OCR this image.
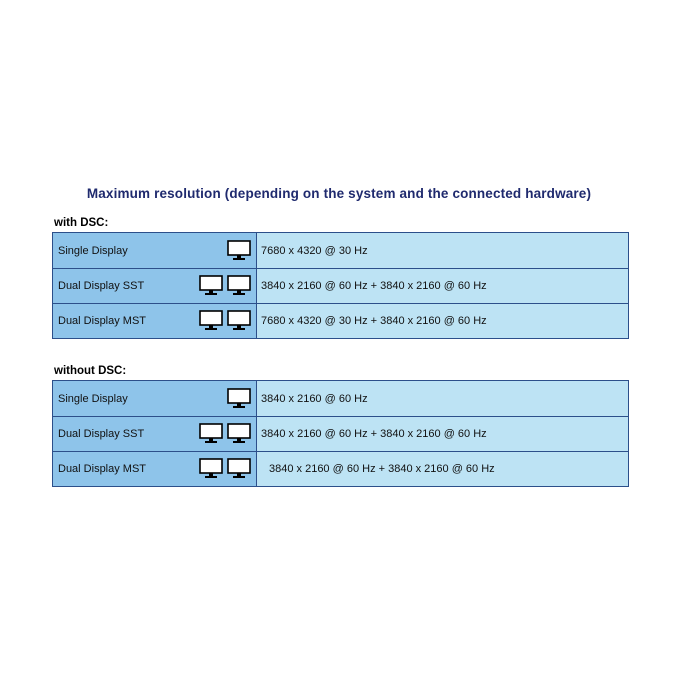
Maximum resolution (depending on the system and the connected hardware)
with DSC:
Single Display	7680 x 4320 @ 30 Hz
Dual Display SST	3840 x 2160 @ 60 Hz + 3840 x 2160 @ 60 Hz
Dual Display MST	7680 x 4320 @ 30 Hz + 3840 x 2160 @ 60 Hz
without DSC:
Single Display	3840 x 2160 @ 60 Hz
Dual Display SST	3840 x 2160 @ 60 Hz + 3840 x 2160 @ 60 Hz
Dual Display MST	3840 x 2160 @ 60 Hz + 3840 x 2160 @ 60 Hz
